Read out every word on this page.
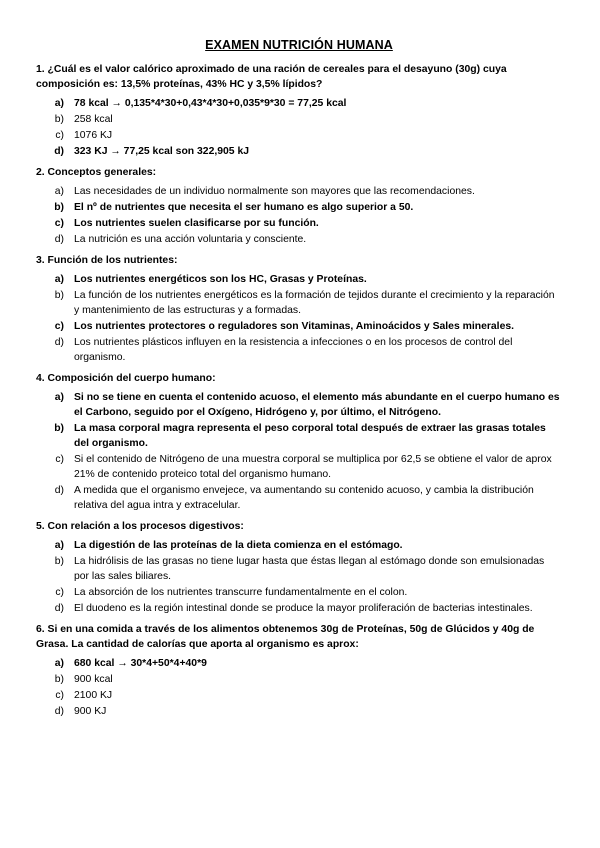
EXAMEN NUTRICIÓN HUMANA

1. ¿Cuál es el valor calórico aproximado de una ración de cereales para el desayuno (30g) cuya composición es: 13,5% proteínas, 43% HC y 3,5% lípidos?

a) 78 kcal → 0,135*4*30+0,43*4*30+0,035*9*30 = 77,25 kcal
b) 258 kcal
c) 1076 KJ
d) 323 KJ → 77,25 kcal son 322,905 kJ

2. Conceptos generales:

a) Las necesidades de un individuo normalmente son mayores que las recomendaciones.
b) El nº de nutrientes que necesita el ser humano es algo superior a 50.
c) Los nutrientes suelen clasificarse por su función.
d) La nutrición es una acción voluntaria y consciente.

3. Función de los nutrientes:

a) Los nutrientes energéticos son los HC, Grasas y Proteínas.
b) La función de los nutrientes energéticos es la formación de tejidos durante el crecimiento y la reparación y mantenimiento de las estructuras y a formadas.
c) Los nutrientes protectores o reguladores son Vitaminas, Aminoácidos y Sales minerales.
d) Los nutrientes plásticos influyen en la resistencia a infecciones o en los procesos de control del organismo.

4. Composición del cuerpo humano:

a) Si no se tiene en cuenta el contenido acuoso, el elemento más abundante en el cuerpo humano es el Carbono, seguido por el Oxígeno, Hidrógeno y, por último, el Nitrógeno.
b) La masa corporal magra representa el peso corporal total después de extraer las grasas totales del organismo.
c) Si el contenido de Nitrógeno de una muestra corporal se multiplica por 62,5 se obtiene el valor de aprox 21% de contenido proteico total del organismo humano.
d) A medida que el organismo envejece, va aumentando su contenido acuoso, y cambia la distribución relativa del agua intra y extracelular.

5. Con relación a los procesos digestivos:

a) La digestión de las proteínas de la dieta comienza en el estómago.
b) La hidrólisis de las grasas no tiene lugar hasta que éstas llegan al estómago donde son emulsionadas por las sales biliares.
c) La absorción de los nutrientes transcurre fundamentalmente en el colon.
d) El duodeno es la región intestinal donde se produce la mayor proliferación de bacterias intestinales.

6. Si en una comida a través de los alimentos obtenemos 30g de Proteínas, 50g de Glúcidos y 40g de Grasa. La cantidad de calorías que aporta al organismo es aprox:

a) 680 kcal → 30*4+50*4+40*9
b) 900 kcal
c) 2100 KJ
d) 900 KJ
